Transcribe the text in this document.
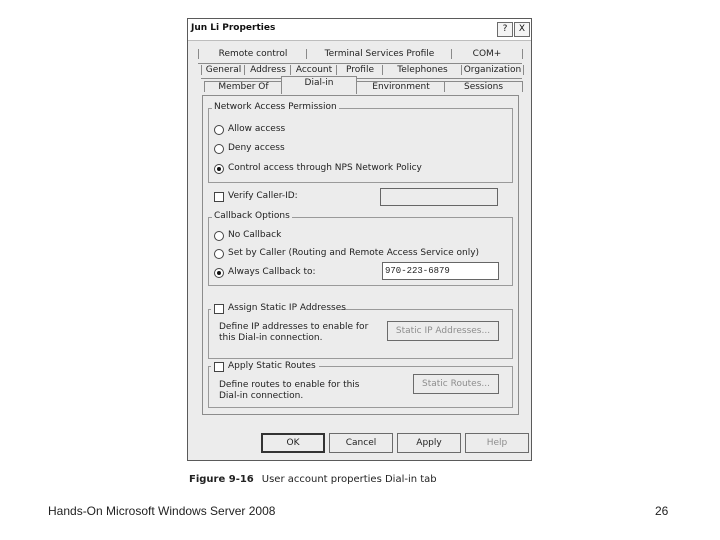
Jun Li Properties	?	X
Remote control	Terminal Services Profile	COM+
General Address	Account	Profile	Telephones	Organization
Member Of	Dial-in	Environment	Sessions
Network Access Permission
Allow access
Deny access
Control access through NPS Network Policy
Verify Caller-ID:
Callback Options
No Callback
Set by Caller (Routing and Remote Access Service only)
Always Callback to:	970-223-6879
Assign Static IP Addresses
Define IP addresses to enable for this Dial-in connection.
Static IP Addresses...
Apply Static Routes
Define routes to enable for this Dial-in connection.
Static Routes...
OK	Cancel	Apply	Help
Figure 9-16 User account properties Dial-in tab
Hands-On Microsoft Windows Server 2008	26
